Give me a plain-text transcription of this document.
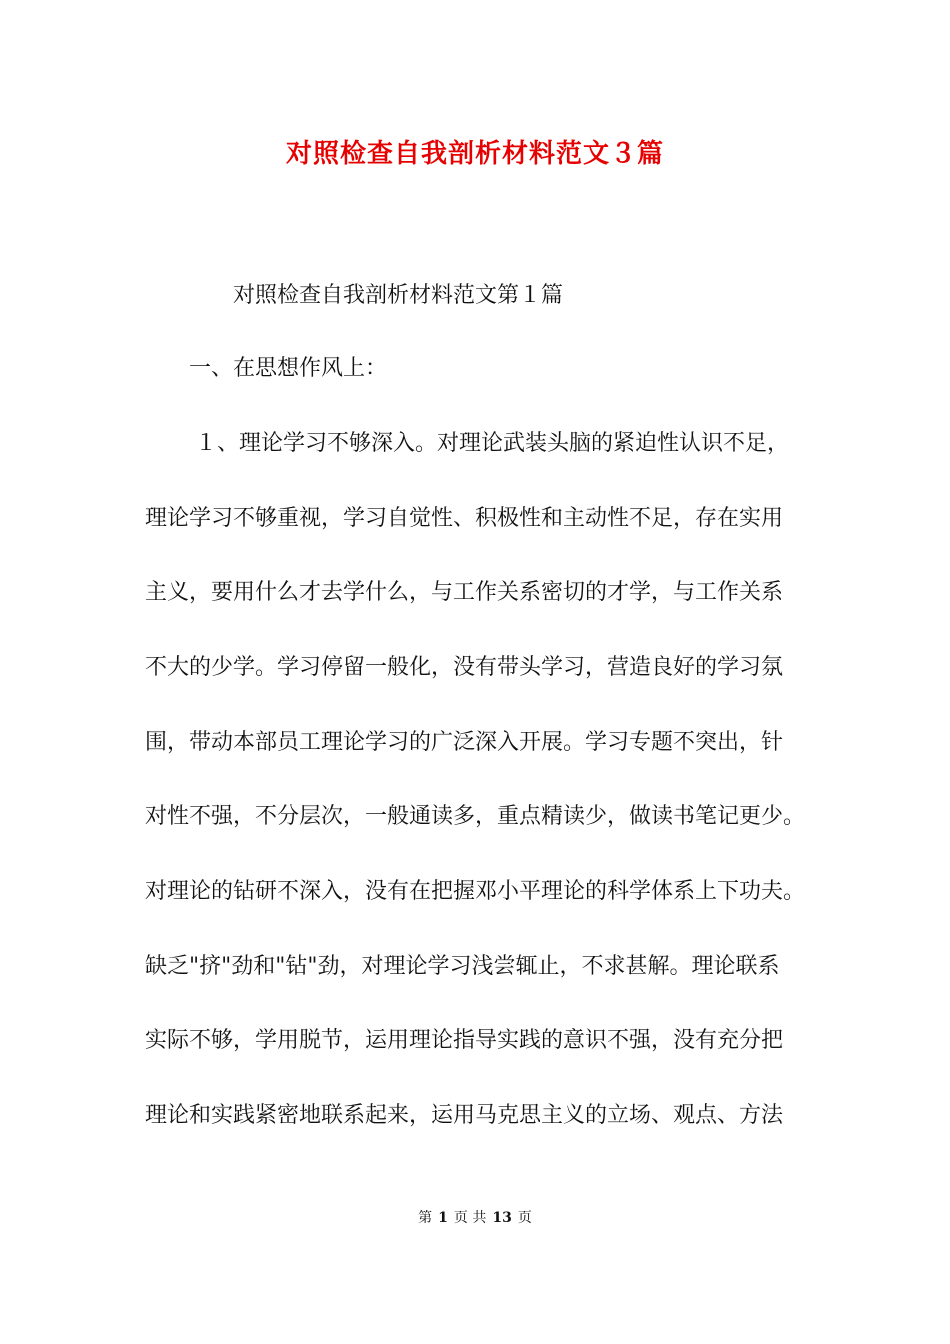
对照检查自我剖析材料范文３篇
对照检查自我剖析材料范文第１篇
一、在思想作风上：
１、理论学习不够深入。对理论武装头脑的紧迫性认识不足，
理论学习不够重视，学习自觉性、积极性和主动性不足，存在实用
主义，要用什么才去学什么，与工作关系密切的才学，与工作关系
不大的少学。学习停留一般化，没有带头学习，营造良好的学习氛
围，带动本部员工理论学习的广泛深入开展。学习专题不突出，针
对性不强，不分层次，一般通读多，重点精读少，做读书笔记更少。
对理论的钻研不深入，没有在把握邓小平理论的科学体系上下功夫。
缺乏"挤"劲和"钻"劲，对理论学习浅尝辄止，不求甚解。理论联系
实际不够，学用脱节，运用理论指导实践的意识不强，没有充分把
理论和实践紧密地联系起来，运用马克思主义的立场、观点、方法
第 1 页 共 13 页
